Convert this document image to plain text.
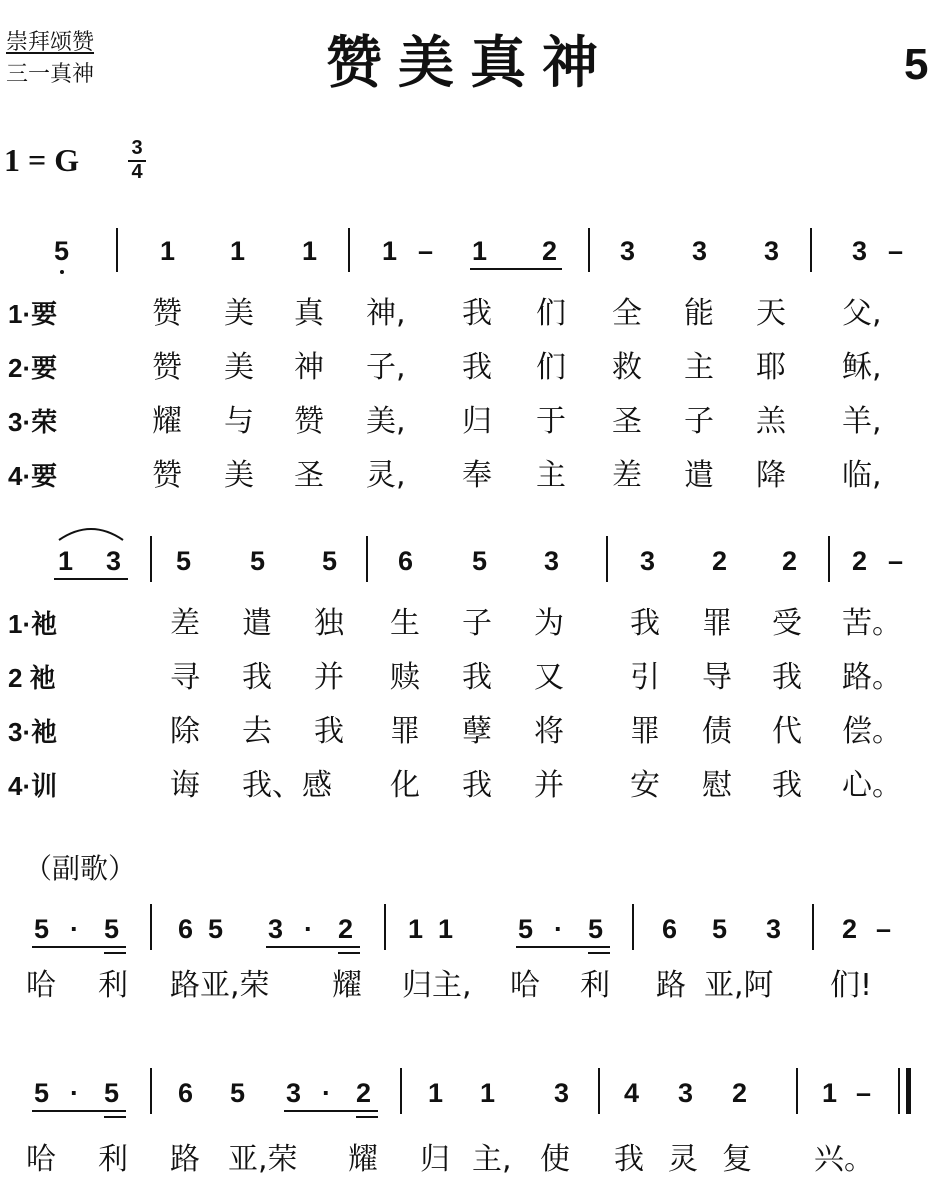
崇拜颂赞
三一真神	赞美真神	5
1 = G	3
4
5	1 1 1 1 – 1 2 3 3 3	3 –
1·要	赞 美 真 神, 我 们 全 能 天 父,
2·要	赞 美 神 子, 我 们 救 主 耶 稣,
3·荣	耀 与 赞 美, 归 于 圣 子 羔 羊,
4·要	赞 美 圣 灵, 奉 主 差 遣 降 临,
1 3 5 5 5 6 5 3	3 2 2 2 –
1·祂	差 遣 独 生 子 为 我 罪 受 苦。
2 祂	寻 我 并 赎 我 又 引 导 我 路。
3·祂	除 去 我 罪 孽 将 罪 债 代 偿。
4·训	诲 我、感 化 我 并 安 慰 我 心。
（副歌）
5 · 5 6 5 3 · 2 1 1 5 · 5 6 5 3 2 –
哈 利 路亚,荣 耀 归主, 哈 利 路 亚,阿 们!
5 · 5 6 5 3 · 2 1 1 3 4 3 2	1 –
哈 利 路 亚,荣 耀 归 主, 使 我 灵 复 兴。
